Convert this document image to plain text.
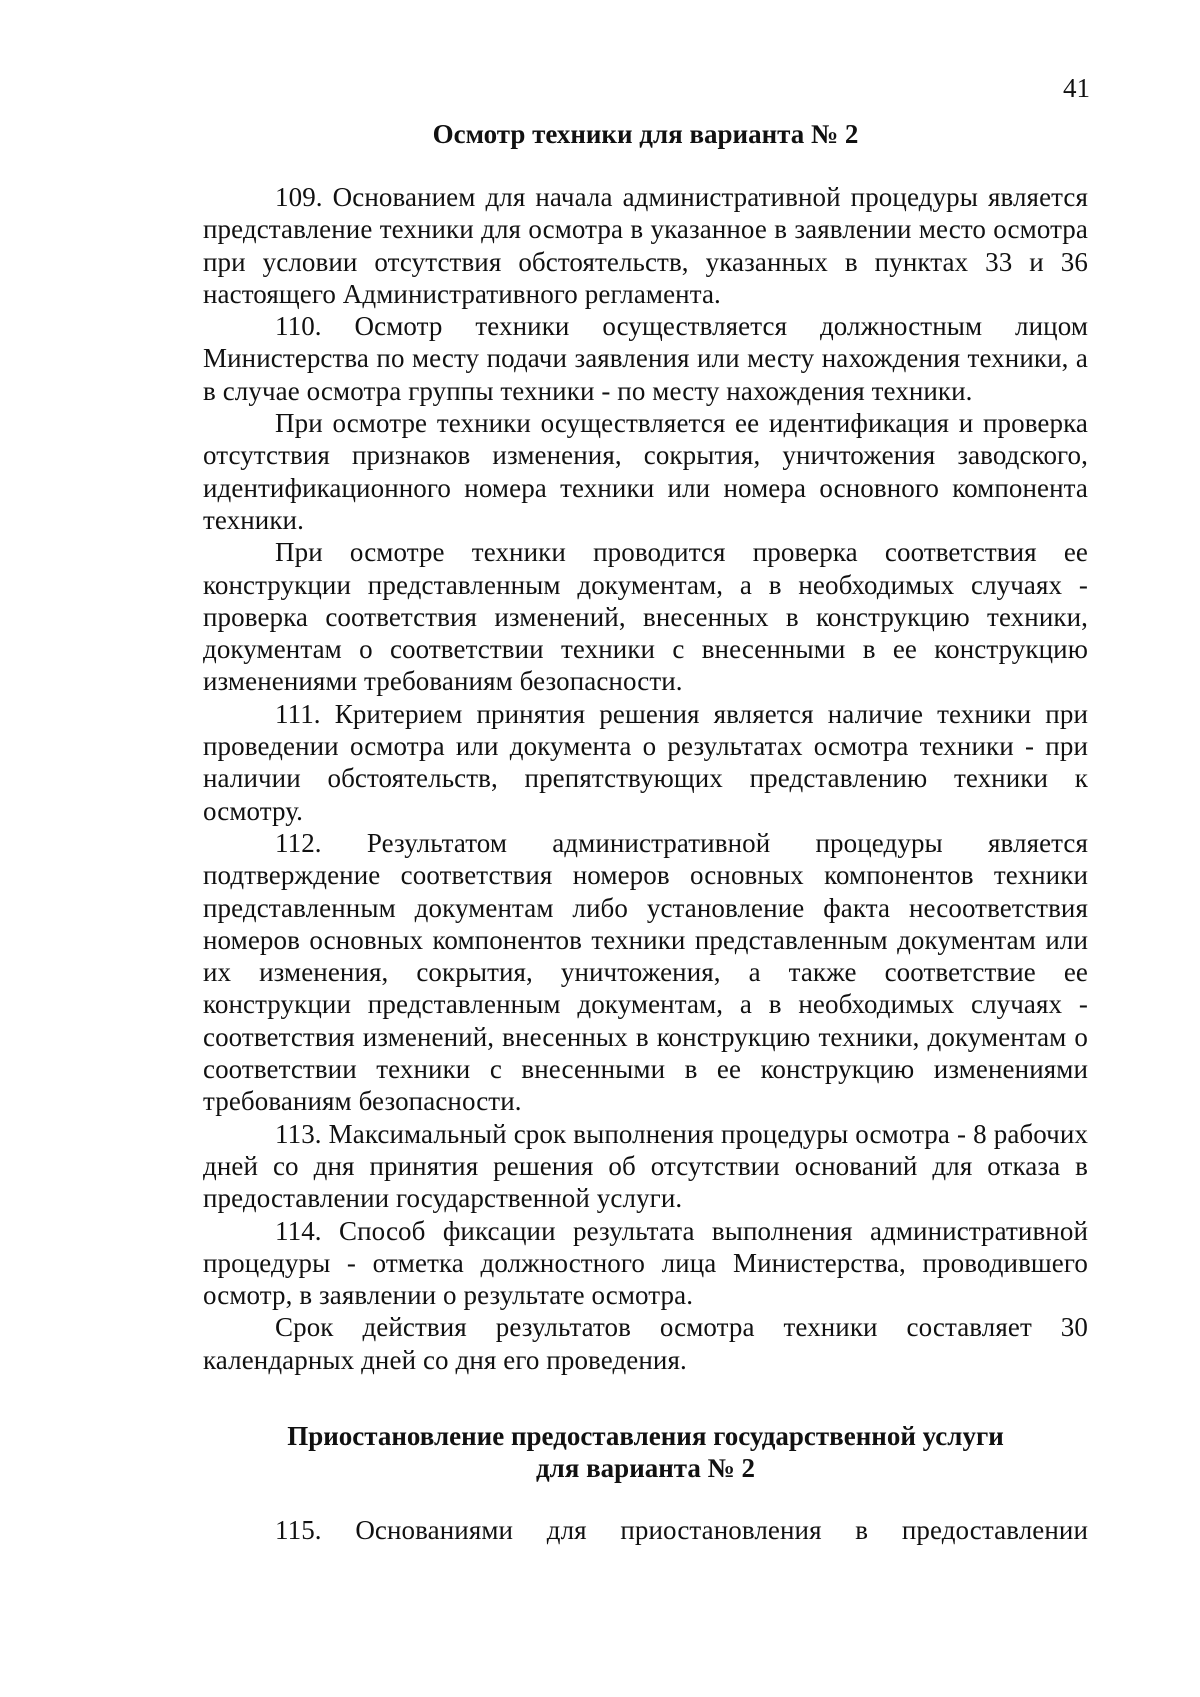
41
Осмотр техники для варианта № 2

109. Основанием для начала административной процедуры является представление техники для осмотра в указанное в заявлении место осмотра при условии отсутствия обстоятельств, указанных в пунктах 33 и 36 настоящего Административного регламента.

110. Осмотр техники осуществляется должностным лицом Министерства по месту подачи заявления или месту нахождения техники, а в случае осмотра группы техники - по месту нахождения техники.

При осмотре техники осуществляется ее идентификация и проверка отсутствия признаков изменения, сокрытия, уничтожения заводского, идентификационного номера техники или номера основного компонента техники.

При осмотре техники проводится проверка соответствия ее конструкции представленным документам, а в необходимых случаях - проверка соответствия изменений, внесенных в конструкцию техники, документам о соответствии техники с внесенными в ее конструкцию изменениями требованиям безопасности.

111. Критерием принятия решения является наличие техники при проведении осмотра или документа о результатах осмотра техники - при наличии обстоятельств, препятствующих представлению техники к осмотру.

112. Результатом административной процедуры является подтверждение соответствия номеров основных компонентов техники представленным документам либо установление факта несоответствия номеров основных компонентов техники представленным документам или их изменения, сокрытия, уничтожения, а также соответствие ее конструкции представленным документам, а в необходимых случаях - соответствия изменений, внесенных в конструкцию техники, документам о соответствии техники с внесенными в ее конструкцию изменениями требованиям безопасности.

113. Максимальный срок выполнения процедуры осмотра - 8 рабочих дней со дня принятия решения об отсутствии оснований для отказа в предоставлении государственной услуги.

114. Способ фиксации результата выполнения административной процедуры - отметка должностного лица Министерства, проводившего осмотр, в заявлении о результате осмотра.

Срок действия результатов осмотра техники составляет 30 календарных дней со дня его проведения.

Приостановление предоставления государственной услуги
для варианта № 2

115. Основаниями для приостановления в предоставлении
